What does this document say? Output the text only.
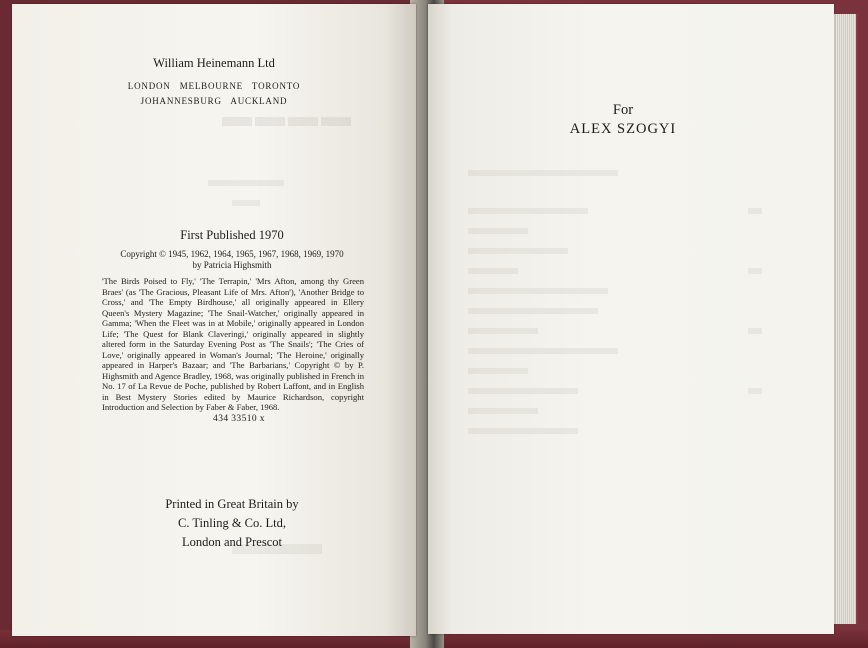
▬▬▬▬
William Heinemann Ltd
LONDON   MELBOURNE   TORONTO
JOHANNESBURG   AUCKLAND
First Published 1970
Copyright © 1945, 1962, 1964, 1965, 1967, 1968, 1969, 1970
by Patricia Highsmith
'The Birds Poised to Fly,' 'The Terrapin,' 'Mrs Afton, among thy Green Braes' (as 'The Gracious, Pleasant Life of Mrs. Afton'), 'Another Bridge to Cross,' and 'The Empty Birdhouse,' all originally appeared in Ellery Queen's Mystery Magazine; 'The Snail-Watcher,' originally appeared in Gamma; 'When the Fleet was in at Mobile,' originally appeared in London Life; 'The Quest for Blank Claveringi,' originally appeared in slightly altered form in the Saturday Evening Post as 'The Snails'; 'The Cries of Love,' originally appeared in Woman's Journal; 'The Heroine,' originally appeared in Harper's Bazaar; and 'The Barbarians,' Copyright © by P. Highsmith and Agence Bradley, 1968, was originally published in French in No. 17 of La Revue de Poche, published by Robert Laffont, and in English in Best Mystery Stories edited by Maurice Richardson, copyright Introduction and Selection by Faber & Faber, 1968.
434 33510 x
Printed in Great Britain by
C. Tinling & Co. Ltd,
London and Prescot
For
ALEX SZOGYI
